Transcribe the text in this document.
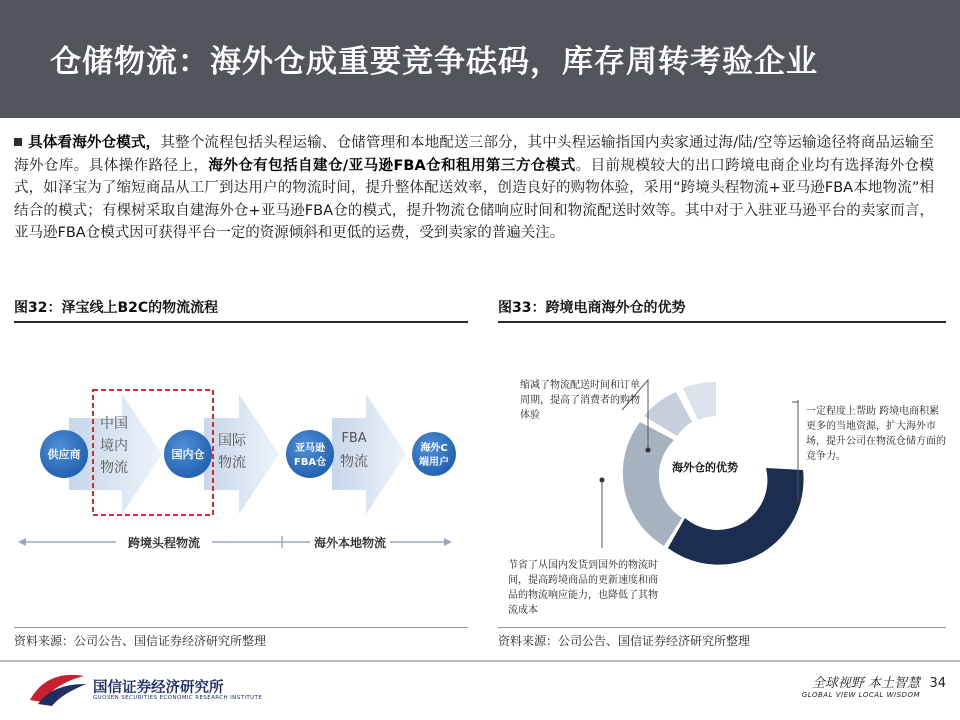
仓储物流：海外仓成重要竞争砝码，库存周转考验企业
具体看海外仓模式，其整个流程包括头程运输、仓储管理和本地配送三部分，其中头程运输指国内卖家通过海/陆/空等运输途径将商品运输至海外仓库。具体操作路径上，海外仓有包括自建仓/亚马逊FBA仓和租用第三方仓模式。目前规模较大的出口跨境电商企业均有选择海外仓模式，如泽宝为了缩短商品从工厂到达用户的物流时间，提升整体配送效率，创造良好的购物体验，采用“跨境头程物流+亚马逊FBA本地物流”相结合的模式；有棵树采取自建海外仓+亚马逊FBA仓的模式，提升物流仓储响应时间和物流配送时效等。其中对于入驻亚马逊平台的卖家而言，亚马逊FBA仓模式因可获得平台一定的资源倾斜和更低的运费，受到卖家的普遍关注。
图32：泽宝线上B2C的物流流程
供应商	国内仓	亚马逊
FBA仓
海外C
端用户
中国
境内
物流
国际
物流
FBA
物流
跨境头程物流	海外本地物流
资料来源：公司公告、国信证券经济研究所整理
图33：跨境电商海外仓的优势
海外仓的优势
缩减了物流配送时间和订单周期，提高了消费者的购物体验	一定程度上帮助 跨境电商积累更多的当地资源，扩大海外市场，提升公司在物流仓储方面的竞争力。
节省了从国内发货到国外的物流时间，提高跨境商品的更新速度和商品的物流响应能力，也降低了其物流成本
资料来源：公司公告、国信证券经济研究所整理
国信证券经济研究所
GUOSEN SECURITIES ECONOMIC RESEARCH INSTITUTE
全球视野 本土智慧
GLOBAL VIEW LOCAL WISDOM
34
